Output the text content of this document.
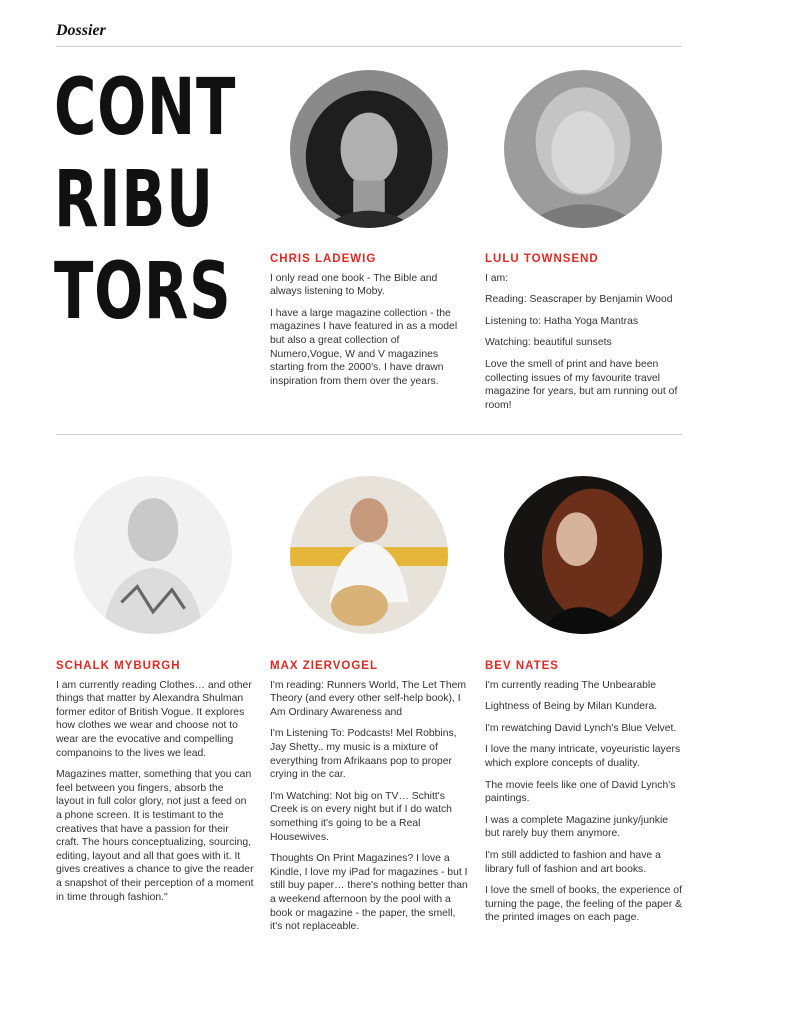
Dossier
CONT
RIBU
TORS	CHRIS LADEWIG

I only read one book - The Bible and always listening to Moby.

I have a large magazine collection - the magazines I have featured in as a model but also a great collection of Numero,Vogue, W and V magazines starting from the 2000's. I have drawn inspiration from them over the years.

LULU TOWNSEND

I am:

Reading: Seascraper by Benjamin Wood

Listening to: Hatha Yoga Mantras

Watching: beautiful sunsets

Love the smell of print and have been collecting issues of my favourite travel magazine for years, but am running out of room!

SCHALK MYBURGH

I am currently reading Clothes… and other things that matter by Alexandra Shulman former editor of British Vogue. It explores how clothes we wear and choose not to wear are the evocative and compelling companoins to the lives we lead.

Magazines matter, something that you can feel between you fingers, absorb the layout in full color glory, not just a feed on a phone screen. It is testimant to the creatives that have a passion for their craft. The hours conceptualizing, sourcing, editing, layout and all that goes with it. It gives creatives a chance to give the reader a snapshot of their perception of a moment in time through fashion."

MAX ZIERVOGEL

I'm reading: Runners World, The Let Them Theory (and every other self-help book), I Am Ordinary Awareness and

I'm Listening To: Podcasts! Mel Robbins, Jay Shetty.. my music is a mixture of everything from Afrikaans pop to proper crying in the car.

I'm Watching: Not big on TV… Schitt's Creek is on every night but if I do watch something it's going to be a Real Housewives.

Thoughts On Print Magazines? I love a Kindle, I love my iPad for magazines - but I still buy paper… there's nothing better than a weekend afternoon by the pool with a book or magazine - the paper, the smell, it's not replaceable.

BEV NATES

I'm currently reading The Unbearable

Lightness of Being by Milan Kundera.

I'm rewatching David Lynch's Blue Velvet.

I love the many intricate, voyeuristic layers which explore concepts of duality.

The movie feels like one of David Lynch's paintings.

I was a complete Magazine junky/junkie but rarely buy them anymore.

I'm still addicted to fashion and have a library full of fashion and art books.

I love the smell of books, the experience of turning the page, the feeling of the paper & the printed images on each page.
